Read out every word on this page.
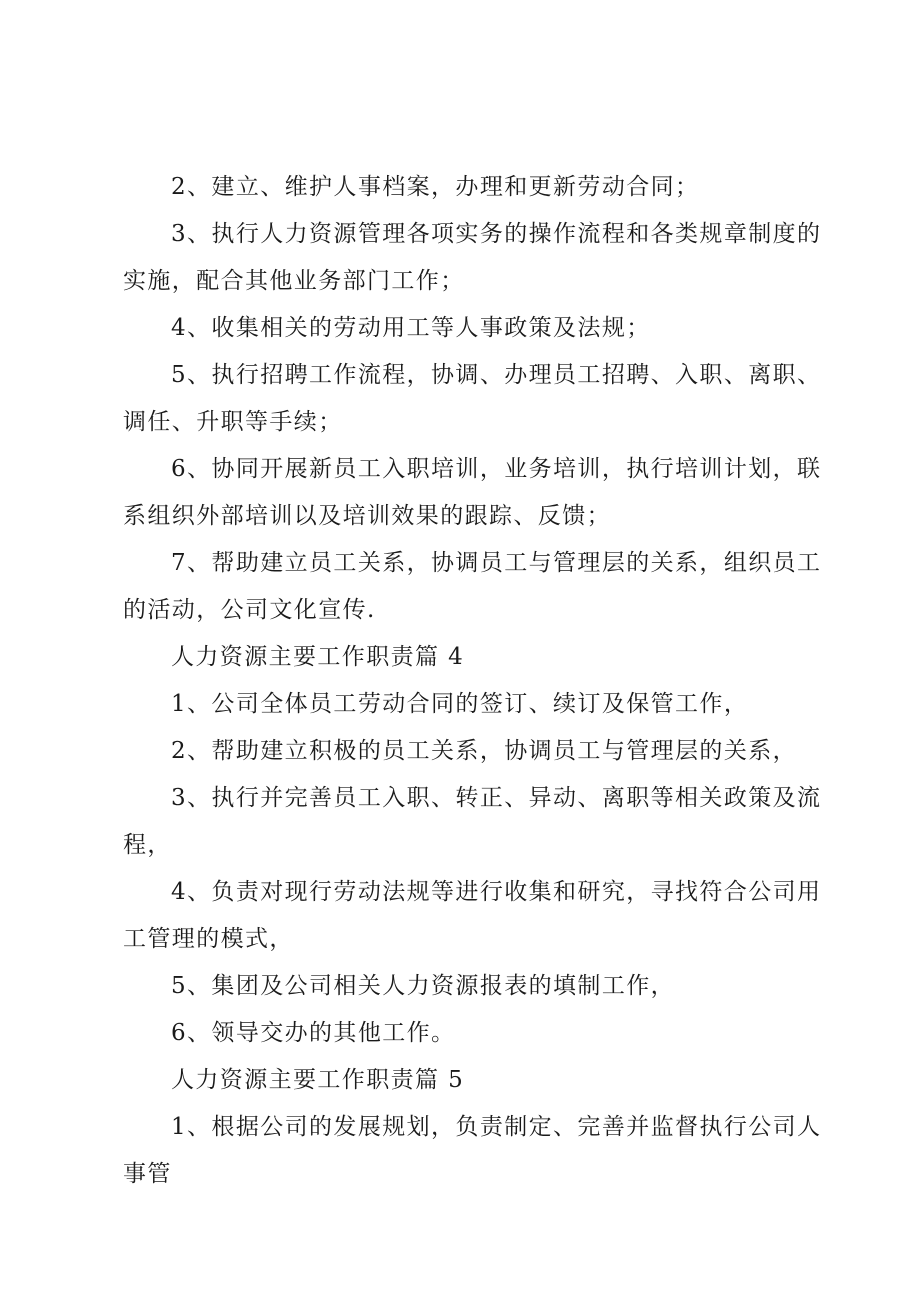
2、建立、维护人事档案，办理和更新劳动合同；

3、执行人力资源管理各项实务的操作流程和各类规章制度的实施，配合其他业务部门工作；

4、收集相关的劳动用工等人事政策及法规；

5、执行招聘工作流程，协调、办理员工招聘、入职、离职、调任、升职等手续；

6、协同开展新员工入职培训，业务培训，执行培训计划，联系组织外部培训以及培训效果的跟踪、反馈；

7、帮助建立员工关系，协调员工与管理层的关系，组织员工的活动，公司文化宣传.

人力资源主要工作职责篇 4

1、公司全体员工劳动合同的签订、续订及保管工作，

2、帮助建立积极的员工关系，协调员工与管理层的关系，

3、执行并完善员工入职、转正、异动、离职等相关政策及流程，

4、负责对现行劳动法规等进行收集和研究，寻找符合公司用工管理的模式，

5、集团及公司相关人力资源报表的填制工作，

6、领导交办的其他工作。

人力资源主要工作职责篇 5

1、根据公司的发展规划，负责制定、完善并监督执行公司人事管
